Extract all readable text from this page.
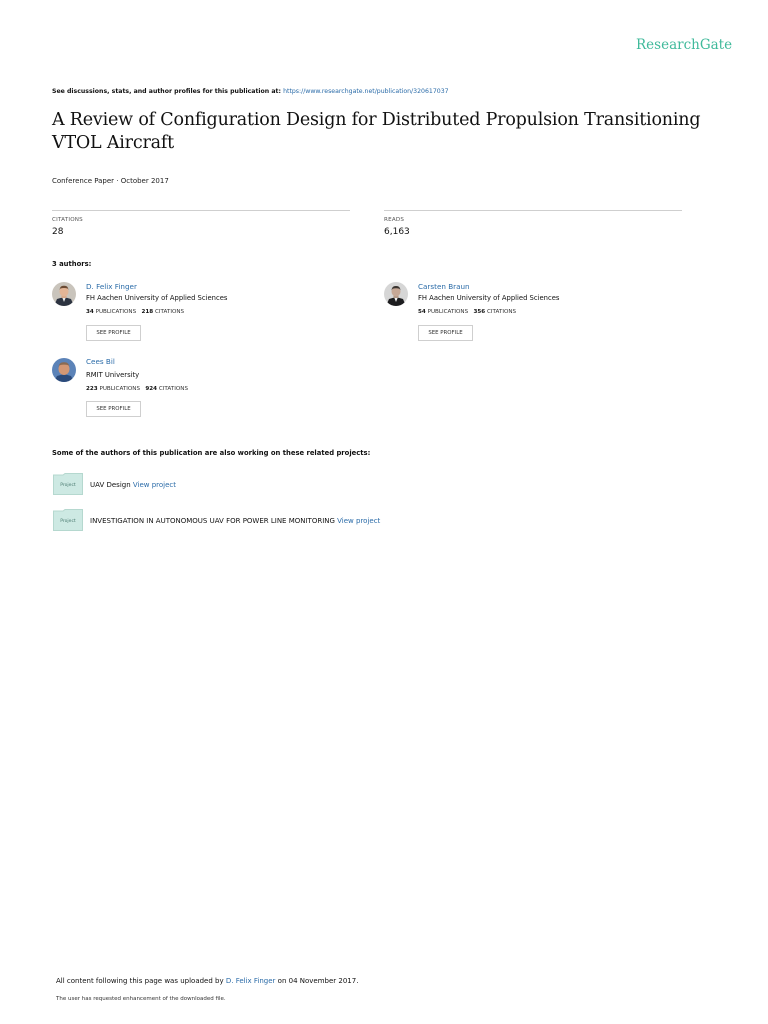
ResearchGate
See discussions, stats, and author profiles for this publication at: https://www.researchgate.net/publication/320617037
A Review of Configuration Design for Distributed Propulsion Transitioning VTOL Aircraft
Conference Paper · October 2017
CITATIONS
28
READS
6,163
3 authors:
D. Felix Finger
FH Aachen University of Applied Sciences
34 PUBLICATIONS 218 CITATIONS
SEE PROFILE
Carsten Braun
FH Aachen University of Applied Sciences
54 PUBLICATIONS 356 CITATIONS
SEE PROFILE
Cees Bil
RMIT University
223 PUBLICATIONS 924 CITATIONS
SEE PROFILE
Some of the authors of this publication are also working on these related projects:
Project	UAV Design View project
Project	INVESTIGATION IN AUTONOMOUS UAV FOR POWER LINE MONITORING View project
All content following this page was uploaded by D. Felix Finger on 04 November 2017.
The user has requested enhancement of the downloaded file.
